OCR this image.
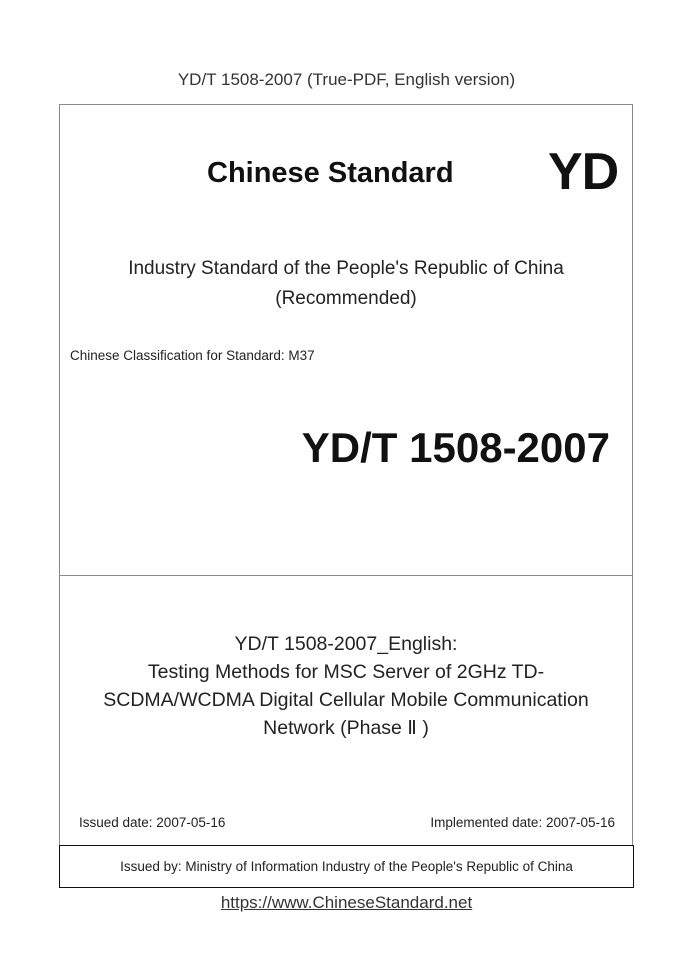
YD/T 1508-2007 (True-PDF, English version)
Chinese Standard YD
Industry Standard of the People's Republic of China
(Recommended)
Chinese Classification for Standard: M37
YD/T 1508-2007
YD/T 1508-2007_English:
Testing Methods for MSC Server of 2GHz TD-
SCDMA/WCDMA Digital Cellular Mobile Communication
Network (Phase Ⅱ )
Issued date: 2007-05-16	Implemented date: 2007-05-16
Issued by: Ministry of Information Industry of the People's Republic of China
https://www.ChineseStandard.net
